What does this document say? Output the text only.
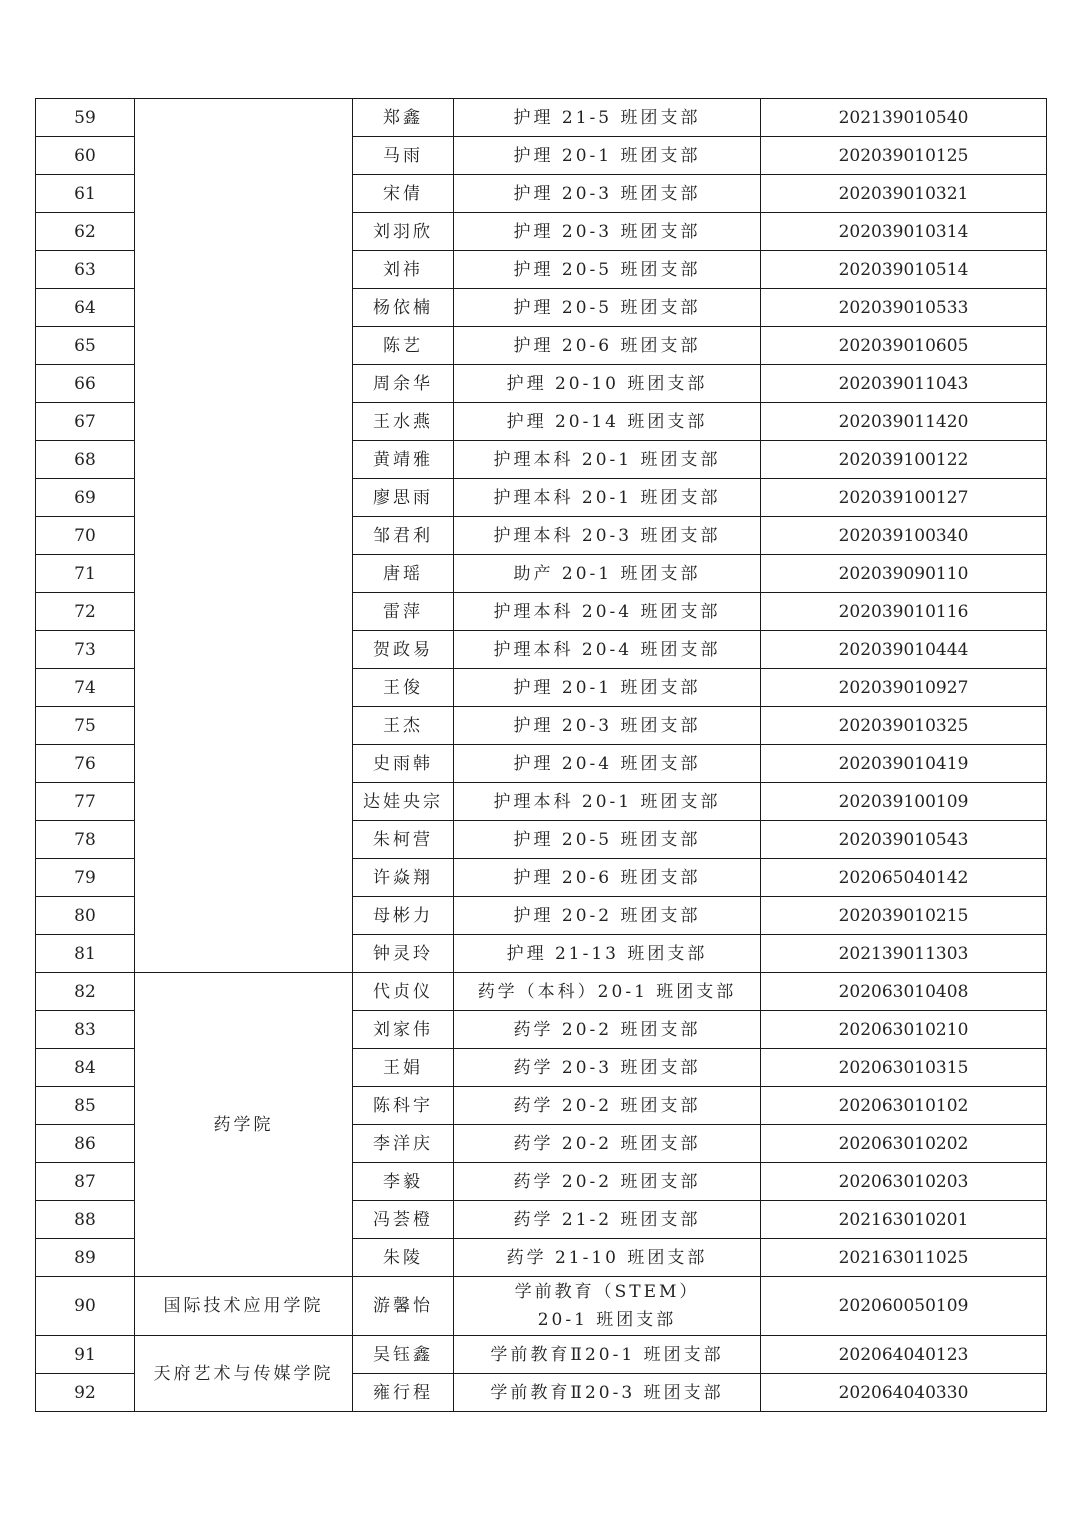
59		郑鑫	护理 21-5 班团支部	202139010540
60		马雨	护理 20-1 班团支部	202039010125
61		宋倩	护理 20-3 班团支部	202039010321
62		刘羽欣	护理 20-3 班团支部	202039010314
63		刘祎	护理 20-5 班团支部	202039010514
64		杨依楠	护理 20-5 班团支部	202039010533
65		陈艺	护理 20-6 班团支部	202039010605
66		周余华	护理 20-10 班团支部	202039011043
67		王水燕	护理 20-14 班团支部	202039011420
68		黄靖雅	护理本科 20-1 班团支部	202039100122
69		廖思雨	护理本科 20-1 班团支部	202039100127
70		邹君利	护理本科 20-3 班团支部	202039100340
71		唐瑶	助产 20-1 班团支部	202039090110
72		雷萍	护理本科 20-4 班团支部	202039010116
73		贺政易	护理本科 20-4 班团支部	202039010444
74		王俊	护理 20-1 班团支部	202039010927
75		王杰	护理 20-3 班团支部	202039010325
76		史雨韩	护理 20-4 班团支部	202039010419
77		达娃央宗	护理本科 20-1 班团支部	202039100109
78		朱柯营	护理 20-5 班团支部	202039010543
79		许焱翔	护理 20-6 班团支部	202065040142
80		母彬力	护理 20-2 班团支部	202039010215
81		钟灵玲	护理 21-13 班团支部	202139011303
82	药学院	代贞仪	药学（本科）20-1 班团支部	202063010408
83		刘家伟	药学 20-2 班团支部	202063010210
84		王娟	药学 20-3 班团支部	202063010315
85		陈科宇	药学 20-2 班团支部	202063010102
86		李洋庆	药学 20-2 班团支部	202063010202
87		李毅	药学 20-2 班团支部	202063010203
88		冯荟橙	药学 21-2 班团支部	202163010201
89		朱陵	药学 21-10 班团支部	202163011025
90	国际技术应用学院	游馨怡	学前教育（STEM）
20-1 班团支部	202060050109
91	天府艺术与传媒学院	吴钰鑫	学前教育Ⅱ20-1 班团支部	202064040123
92		雍行程	学前教育Ⅱ20-3 班团支部	202064040330
